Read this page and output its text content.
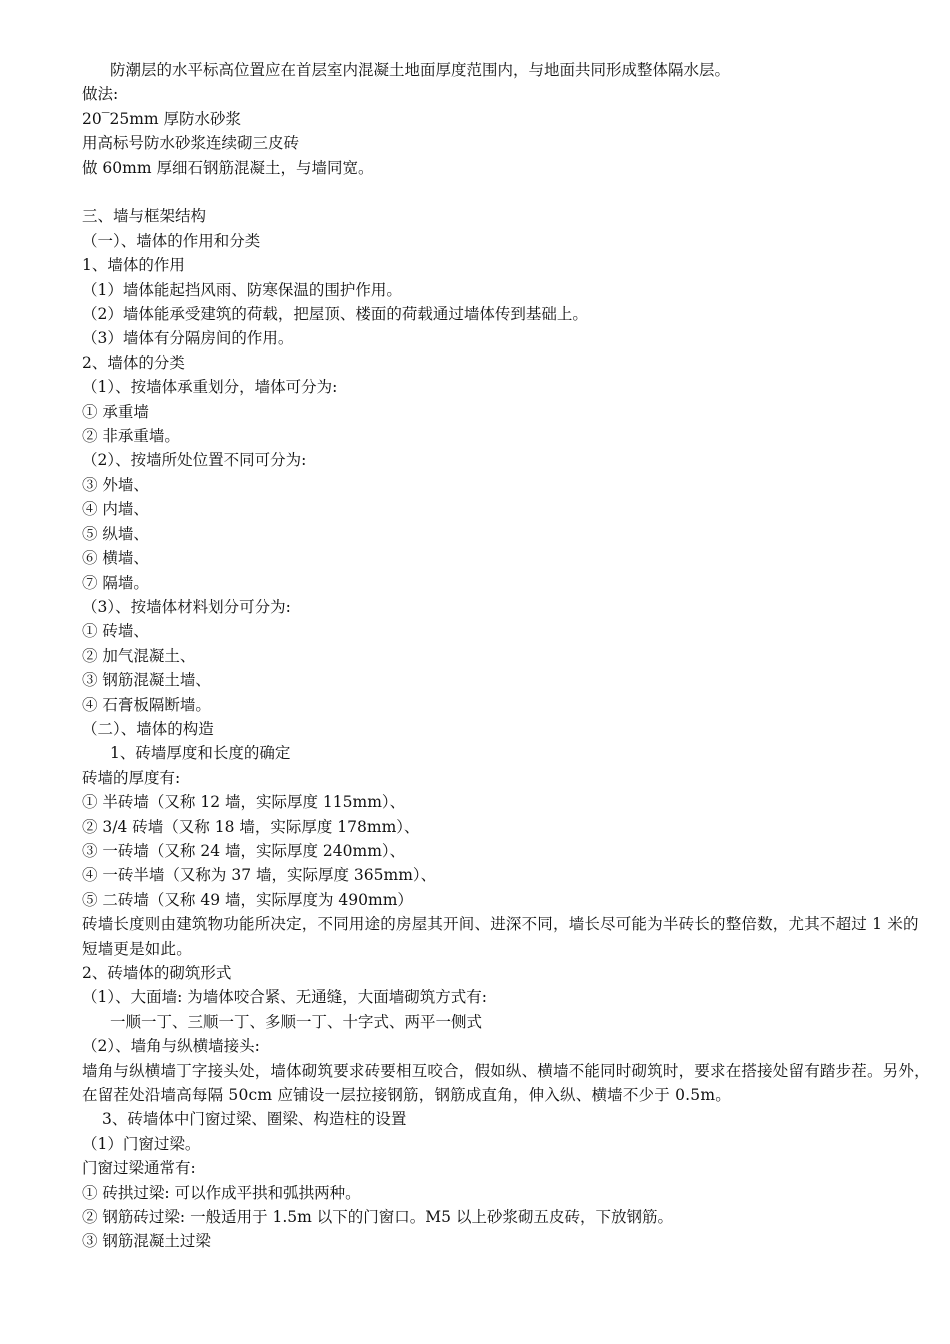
防潮层的水平标高位置应在首层室内混凝土地面厚度范围内，与地面共同形成整体隔水层。
做法:
20‾25mm 厚防水砂浆
用高标号防水砂浆连续砌三皮砖
做 60mm 厚细石钢筋混凝土，与墙同宽。
三、墙与框架结构
（一）、墙体的作用和分类
1、墙体的作用
（1）墙体能起挡风雨、防寒保温的围护作用。
（2）墙体能承受建筑的荷载，把屋顶、楼面的荷载通过墙体传到基础上。
（3）墙体有分隔房间的作用。
2、墙体的分类
（1）、按墙体承重划分，墙体可分为:
① 承重墙
② 非承重墙。
（2）、按墙所处位置不同可分为:
③ 外墙、
④ 内墙、
⑤ 纵墙、
⑥ 横墙、
⑦ 隔墙。
（3）、按墙体材料划分可分为:
① 砖墙、
② 加气混凝土、
③ 钢筋混凝土墙、
④ 石膏板隔断墙。
（二）、墙体的构造
1、砖墙厚度和长度的确定
砖墙的厚度有:
① 半砖墙（又称 12 墙，实际厚度 115mm）、
② 3/4 砖墙（又称 18 墙，实际厚度 178mm）、
③ 一砖墙（又称 24 墙，实际厚度 240mm）、
④ 一砖半墙（又称为 37 墙，实际厚度 365mm）、
⑤ 二砖墙（又称 49 墙，实际厚度为 490mm）
砖墙长度则由建筑物功能所决定，不同用途的房屋其开间、进深不同，墙长尽可能为半砖长的整倍数，尤其不超过 1 米的短墙更是如此。
2、砖墙体的砌筑形式
（1）、大面墙: 为墙体咬合紧、无通缝，大面墙砌筑方式有:
一顺一丁、三顺一丁、多顺一丁、十字式、两平一侧式
（2）、墙角与纵横墙接头:
墙角与纵横墙丁字接头处，墙体砌筑要求砖要相互咬合，假如纵、横墙不能同时砌筑时，要求在搭接处留有踏步茬。另外，在留茬处沿墙高每隔 50cm 应铺设一层拉接钢筋，钢筋成直角，伸入纵、横墙不少于 0.5m。
3、砖墙体中门窗过梁、圈梁、构造柱的设置
（1）门窗过梁。
门窗过梁通常有:
① 砖拱过梁: 可以作成平拱和弧拱两种。
② 钢筋砖过梁: 一般适用于 1.5m 以下的门窗口。M5 以上砂浆砌五皮砖，下放钢筋。
③ 钢筋混凝土过梁
